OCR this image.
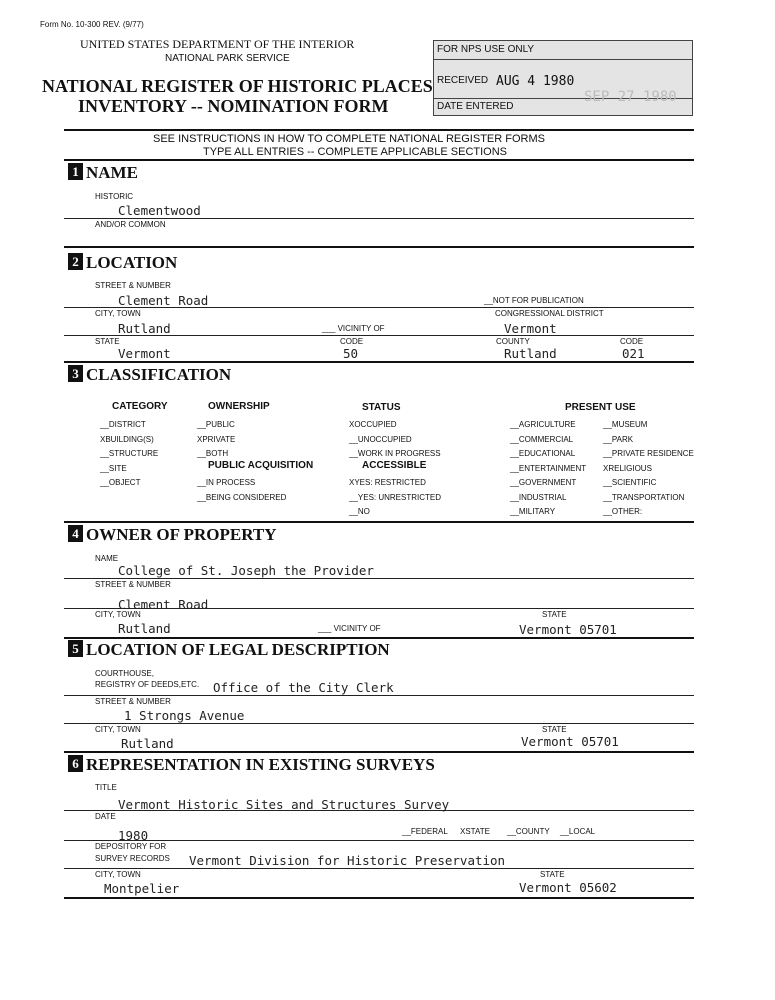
Form No. 10-300 REV. (9/77)
UNITED STATES DEPARTMENT OF THE INTERIOR
NATIONAL PARK SERVICE
NATIONAL REGISTER OF HISTORIC PLACES
INVENTORY -- NOMINATION FORM
FOR NPS USE ONLY
RECEIVED AUG 4 1980
DATE ENTERED
SEP 27 1980
SEE INSTRUCTIONS IN HOW TO COMPLETE NATIONAL REGISTER FORMS
TYPE ALL ENTRIES -- COMPLETE APPLICABLE SECTIONS
1 NAME
HISTORIC
Clementwood
AND/OR COMMON
2 LOCATION
STREET & NUMBER
Clement Road	__NOT FOR PUBLICATION
CITY, TOWN	CONGRESSIONAL DISTRICT
Rutland	___ VICINITY OF	Vermont
STATE	CODE	COUNTY	CODE
Vermont	50	Rutland	021
3 CLASSIFICATION
CATEGORY
__DISTRICT
XBUILDING(S)
__STRUCTURE
__SITE
__OBJECT
OWNERSHIP
__PUBLIC
XPRIVATE
__BOTH
PUBLIC ACQUISITION
__IN PROCESS
__BEING CONSIDERED
STATUS
XOCCUPIED
__UNOCCUPIED
__WORK IN PROGRESS
ACCESSIBLE
XYES: RESTRICTED
__YES: UNRESTRICTED
__NO
PRESENT USE
__AGRICULTURE
__COMMERCIAL
__EDUCATIONAL
__ENTERTAINMENT
__GOVERNMENT
__INDUSTRIAL
__MILITARY
__MUSEUM
__PARK
__PRIVATE RESIDENCE
XRELIGIOUS
__SCIENTIFIC
__TRANSPORTATION
__OTHER:
4 OWNER OF PROPERTY
NAME
College of St. Joseph the Provider
STREET & NUMBER
Clement Road
CITY, TOWN	STATE
Rutland	___ VICINITY OF	Vermont 05701
5 LOCATION OF LEGAL DESCRIPTION
COURTHOUSE,
REGISTRY OF DEEDS,ETC. Office of the City Clerk
STREET & NUMBER
1 Strongs Avenue
CITY, TOWN	STATE
Rutland	Vermont 05701
6 REPRESENTATION IN EXISTING SURVEYS
TITLE
Vermont Historic Sites and Structures Survey
DATE
1980	__FEDERAL XSTATE __COUNTY __LOCAL
DEPOSITORY FOR
SURVEY RECORDS Vermont Division for Historic Preservation
CITY, TOWN	STATE
Montpelier	Vermont 05602
